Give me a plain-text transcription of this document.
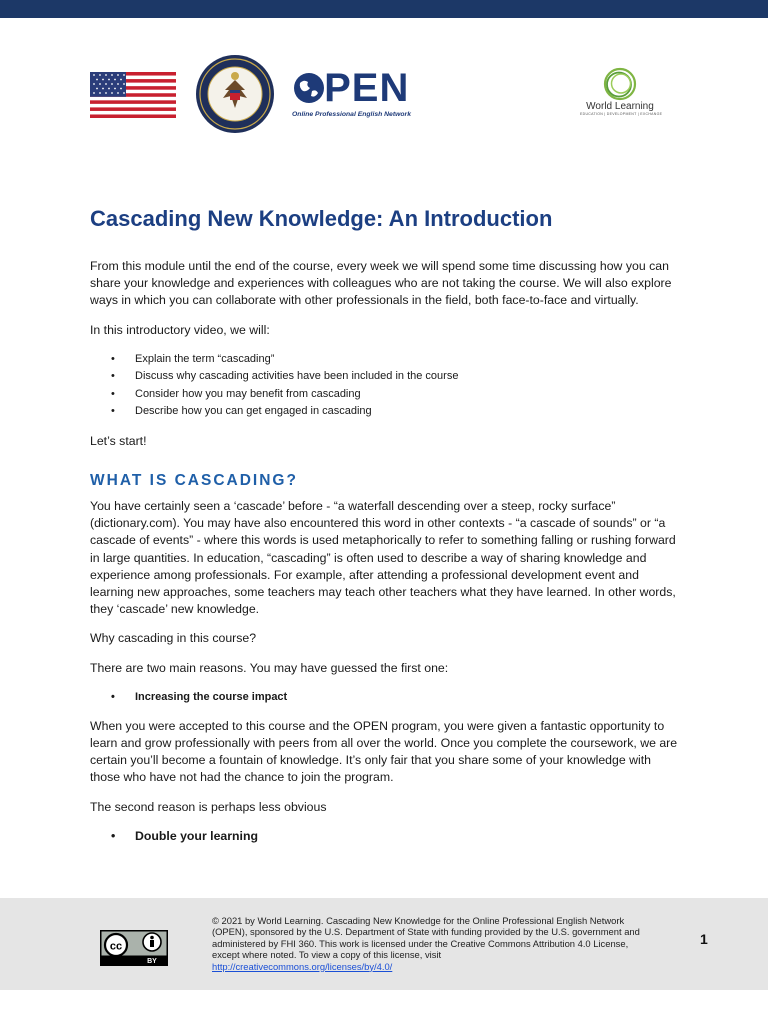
PEN
Online Professional English Network
World Learning
EDUCATION | DEVELOPMENT | EXCHANGE
Cascading New Knowledge: An Introduction

From this module until the end of the course, every week we will spend some time discussing how you can share your knowledge and experiences with colleagues who are not taking the course. We will also explore ways in which you can collaborate with other professionals in the field, both face-to-face and virtually.

In this introductory video, we will:

• Explain the term “cascading”
• Discuss why cascading activities have been included in the course
• Consider how you may benefit from cascading
• Describe how you can get engaged in cascading

Let’s start!

WHAT IS CASCADING?

You have certainly seen a ‘cascade’ before - “a waterfall descending over a steep, rocky surface” (dictionary.com). You may have also encountered this word in other contexts - “a cascade of sounds” or “a cascade of events” - where this words is used metaphorically to refer to something falling or rushing forward in large quantities. In education, “cascading” is often used to describe a way of sharing knowledge and experience among professionals. For example, after attending a professional development event and learning new approaches, some teachers may teach other teachers what they have learned. In other words, they ‘cascade’ new knowledge.

Why cascading in this course?

There are two main reasons. You may have guessed the first one:

• Increasing the course impact

When you were accepted to this course and the OPEN program, you were given a fantastic opportunity to learn and grow professionally with peers from all over the world. Once you complete the coursework, we are certain you’ll become a fountain of knowledge. It’s only fair that you share some of your knowledge with those who have not had the chance to join the program.

The second reason is perhaps less obvious

• Double your learning
cc
BY
© 2021 by World Learning. Cascading New Knowledge for the Online Professional English Network (OPEN), sponsored by the U.S. Department of State with funding provided by the U.S. government and administered by FHI 360. This work is licensed under the Creative Commons Attribution 4.0 License, except where noted. To view a copy of this license, visit
http://creativecommons.org/licenses/by/4.0/
1
